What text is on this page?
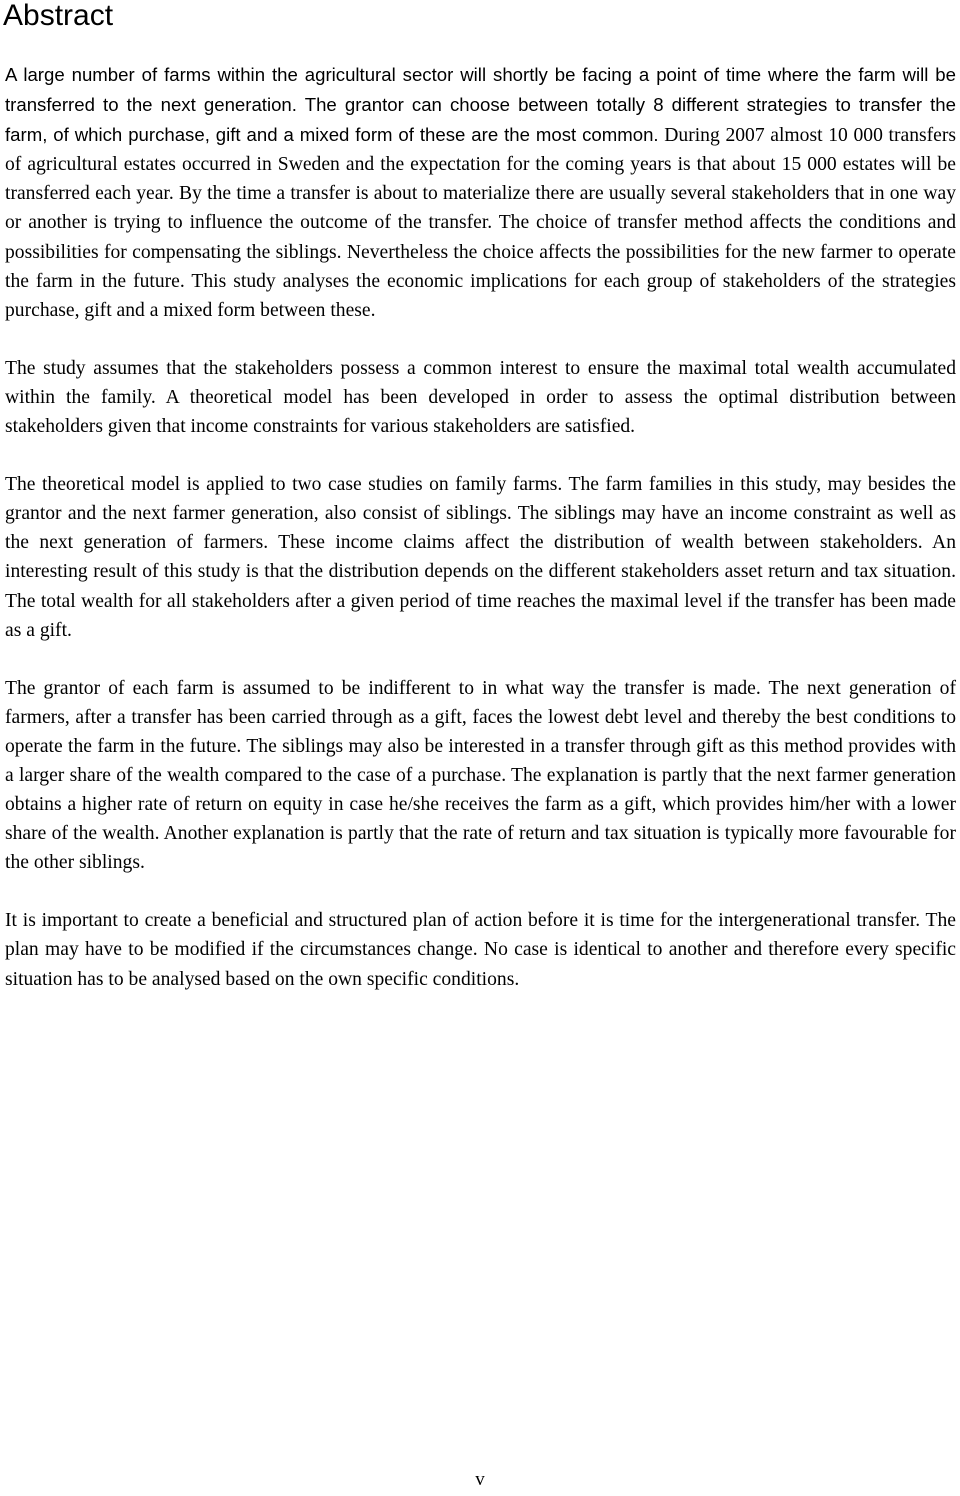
Abstract

A large number of farms within the agricultural sector will shortly be facing a point of time where the farm will be transferred to the next generation. The grantor can choose between totally 8 different strategies to transfer the farm, of which purchase, gift and a mixed form of these are the most common. During 2007 almost 10 000 transfers of agricultural estates occurred in Sweden and the expectation for the coming years is that about 15 000 estates will be transferred each year. By the time a transfer is about to materialize there are usually several stakeholders that in one way or another is trying to influence the outcome of the transfer. The choice of transfer method affects the conditions and possibilities for compensating the siblings. Nevertheless the choice affects the possibilities for the new farmer to operate the farm in the future. This study analyses the economic implications for each group of stakeholders of the strategies purchase, gift and a mixed form between these.

The study assumes that the stakeholders possess a common interest to ensure the maximal total wealth accumulated within the family. A theoretical model has been developed in order to assess the optimal distribution between stakeholders given that income constraints for various stakeholders are satisfied.

The theoretical model is applied to two case studies on family farms. The farm families in this study, may besides the grantor and the next farmer generation, also consist of siblings. The siblings may have an income constraint as well as the next generation of farmers. These income claims affect the distribution of wealth between stakeholders. An interesting result of this study is that the distribution depends on the different stakeholders asset return and tax situation. The total wealth for all stakeholders after a given period of time reaches the maximal level if the transfer has been made as a gift.

The grantor of each farm is assumed to be indifferent to in what way the transfer is made. The next generation of farmers, after a transfer has been carried through as a gift, faces the lowest debt level and thereby the best conditions to operate the farm in the future. The siblings may also be interested in a transfer through gift as this method provides with a larger share of the wealth compared to the case of a purchase. The explanation is partly that the next farmer generation obtains a higher rate of return on equity in case he/she receives the farm as a gift, which provides him/her with a lower share of the wealth. Another explanation is partly that the rate of return and tax situation is typically more favourable for the other siblings.

It is important to create a beneficial and structured plan of action before it is time for the intergenerational transfer. The plan may have to be modified if the circumstances change. No case is identical to another and therefore every specific situation has to be analysed based on the own specific conditions.

v
